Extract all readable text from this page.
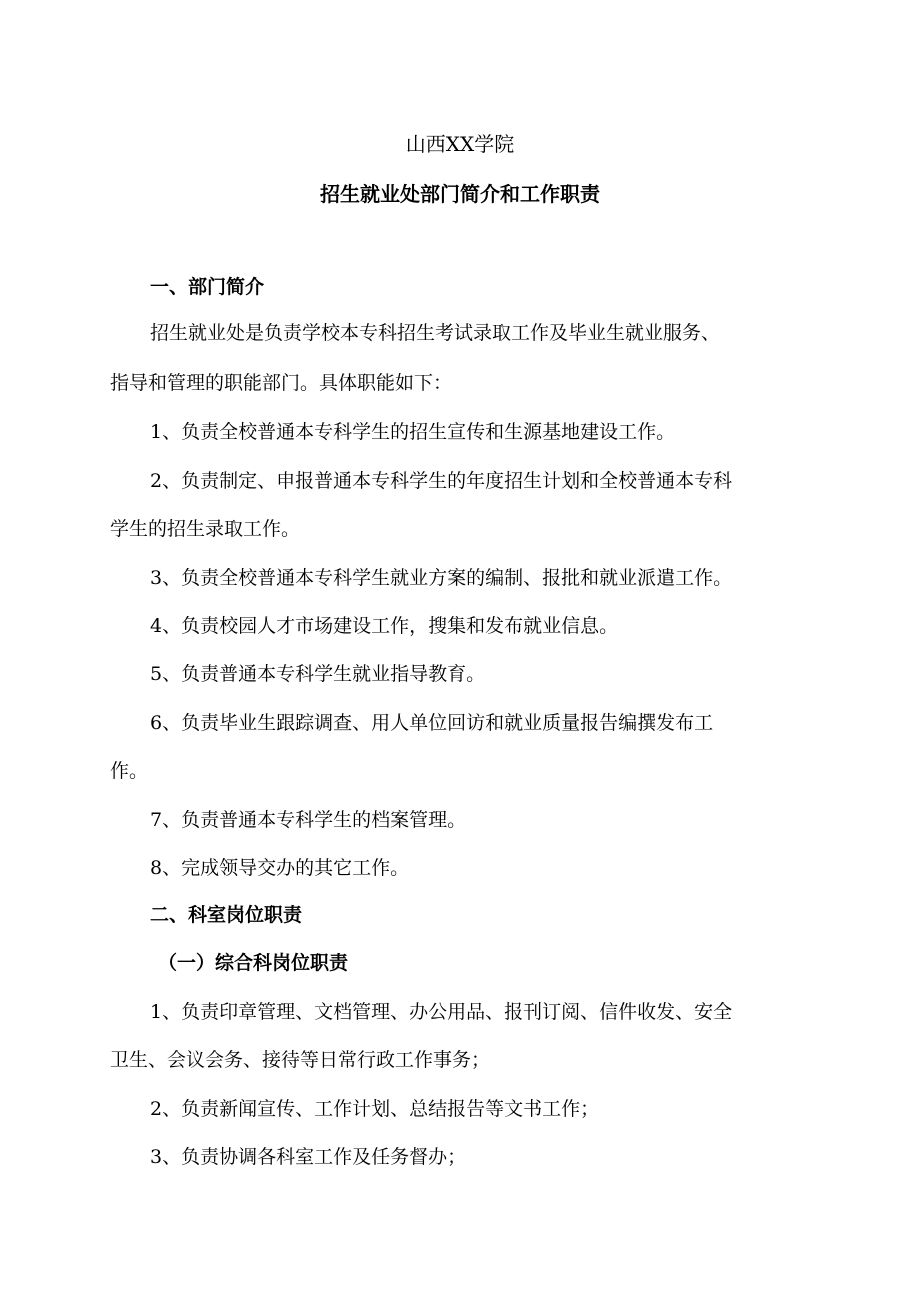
山西XX学院
招生就业处部门简介和工作职责
一、部门简介
招生就业处是负责学校本专科招生考试录取工作及毕业生就业服务、
指导和管理的职能部门。具体职能如下：
1、负责全校普通本专科学生的招生宣传和生源基地建设工作。
2、负责制定、申报普通本专科学生的年度招生计划和全校普通本专科
学生的招生录取工作。
3、负责全校普通本专科学生就业方案的编制、报批和就业派遣工作。
4、负责校园人才市场建设工作，搜集和发布就业信息。
5、负责普通本专科学生就业指导教育。
6、负责毕业生跟踪调查、用人单位回访和就业质量报告编撰发布工
作。
7、负责普通本专科学生的档案管理。
8、完成领导交办的其它工作。
二、科室岗位职责
（一）综合科岗位职责
1、负责印章管理、文档管理、办公用品、报刊订阅、信件收发、安全
卫生、会议会务、接待等日常行政工作事务；
2、负责新闻宣传、工作计划、总结报告等文书工作；
3、负责协调各科室工作及任务督办；
